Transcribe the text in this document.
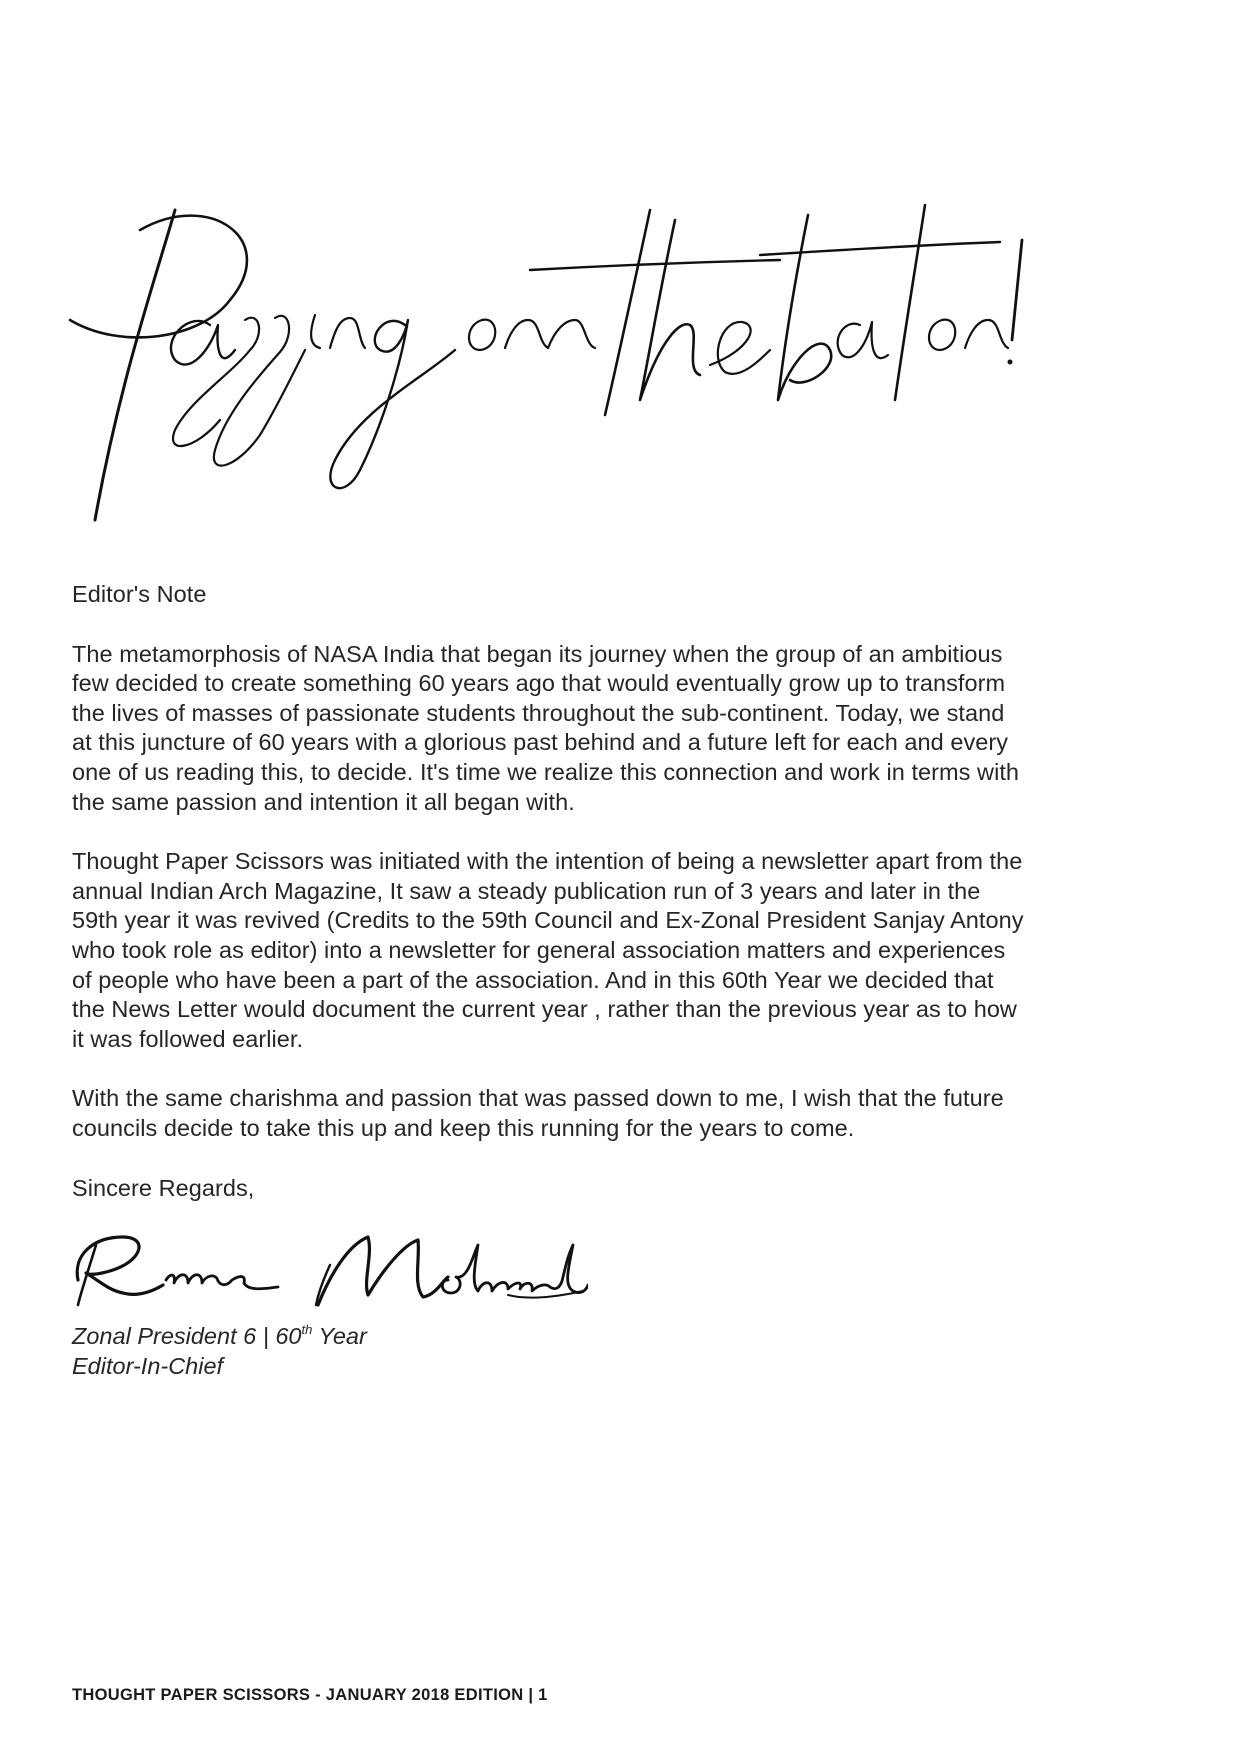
Editor's Note

The metamorphosis of NASA India that began its journey when the group of an ambitious

few decided to create something 60 years ago that would eventually grow up to transform

the lives of masses of passionate students throughout the sub-continent. Today, we stand

at this juncture of 60 years with a glorious past behind and a future left for each and every

one of us reading this, to decide. It's time we realize this connection and work in terms with

the same passion and intention it all began with.

Thought Paper Scissors was initiated with the intention of being a newsletter apart from the

annual Indian Arch Magazine, It saw a steady publication run of 3 years and later in the

59th year it was revived (Credits to the 59th Council and Ex-Zonal President Sanjay Antony

who took role as editor) into a newsletter for general association matters and experiences

of people who have been a part of the association. And in this 60th Year we decided that

the News Letter would document the current year , rather than the previous year as to how

it was followed earlier.

With the same charishma and passion that was passed down to me, I wish that the future

councils decide to take this up and keep this running for the years to come.

Sincere Regards,

Zonal President 6 | 60th Year
Editor-In-Chief
THOUGHT PAPER SCISSORS - JANUARY 2018 EDITION | 1
